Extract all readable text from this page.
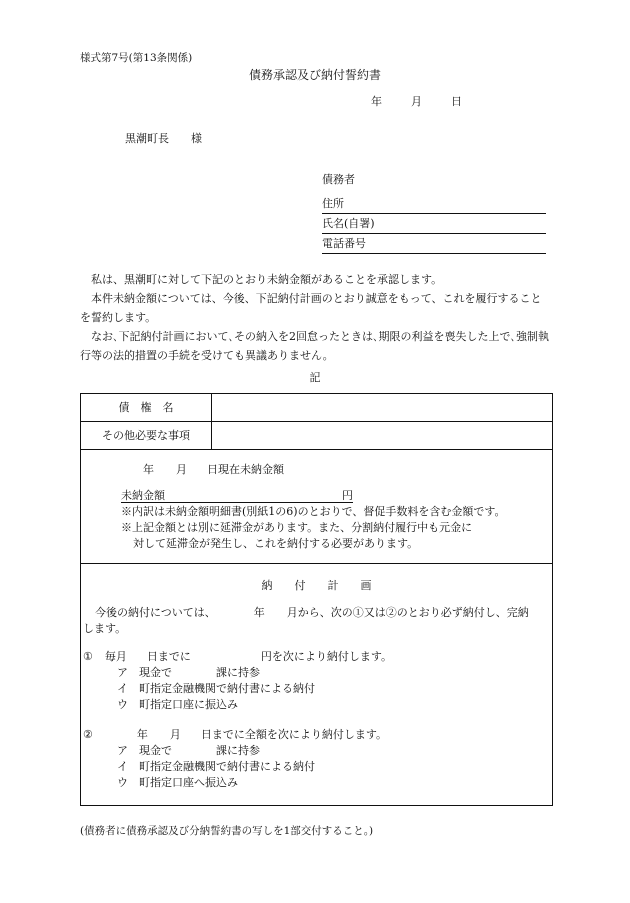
様式第7号(第13条関係)
債務承認及び納付誓約書
年	月	日
黒潮町長　　様
債務者
住所
氏名(自署)
電話番号

私は、黒潮町に対して下記のとおり未納金額があることを承認します。

本件未納金額については、今後、下記納付計画のとおり誠意をもって、これを履行することを誓約します。

なお､下記納付計画において､その納入を2回怠ったときは､期限の利益を喪失した上で､強制執行等の法的措置の手続を受けても異議ありません。

記
債　権　名
その他必要な事項
年 月 日現在未納金額
未納金額	円
※内訳は未納金額明細書(別紙1の6)のとおりで、督促手数料を含む金額です。
※上記金額とは別に延滞金があります。また、分割納付履行中も元金に
対して延滞金が発生し、これを納付する必要があります。
納　　付　　計　　画
今後の納付については、	年 月から、次の①又は②のとおり必ず納付し、完納
します。
① 毎月 日までに	円を次により納付します。
ア　現金で　　　　課に持参
イ　町指定金融機関で納付書による納付
ウ　町指定口座に振込み
②	年 月 日までに全額を次により納付します。
ア　現金で　　　　課に持参
イ　町指定金融機関で納付書による納付
ウ　町指定口座へ振込み
(債務者に債務承認及び分納誓約書の写しを1部交付すること。)
